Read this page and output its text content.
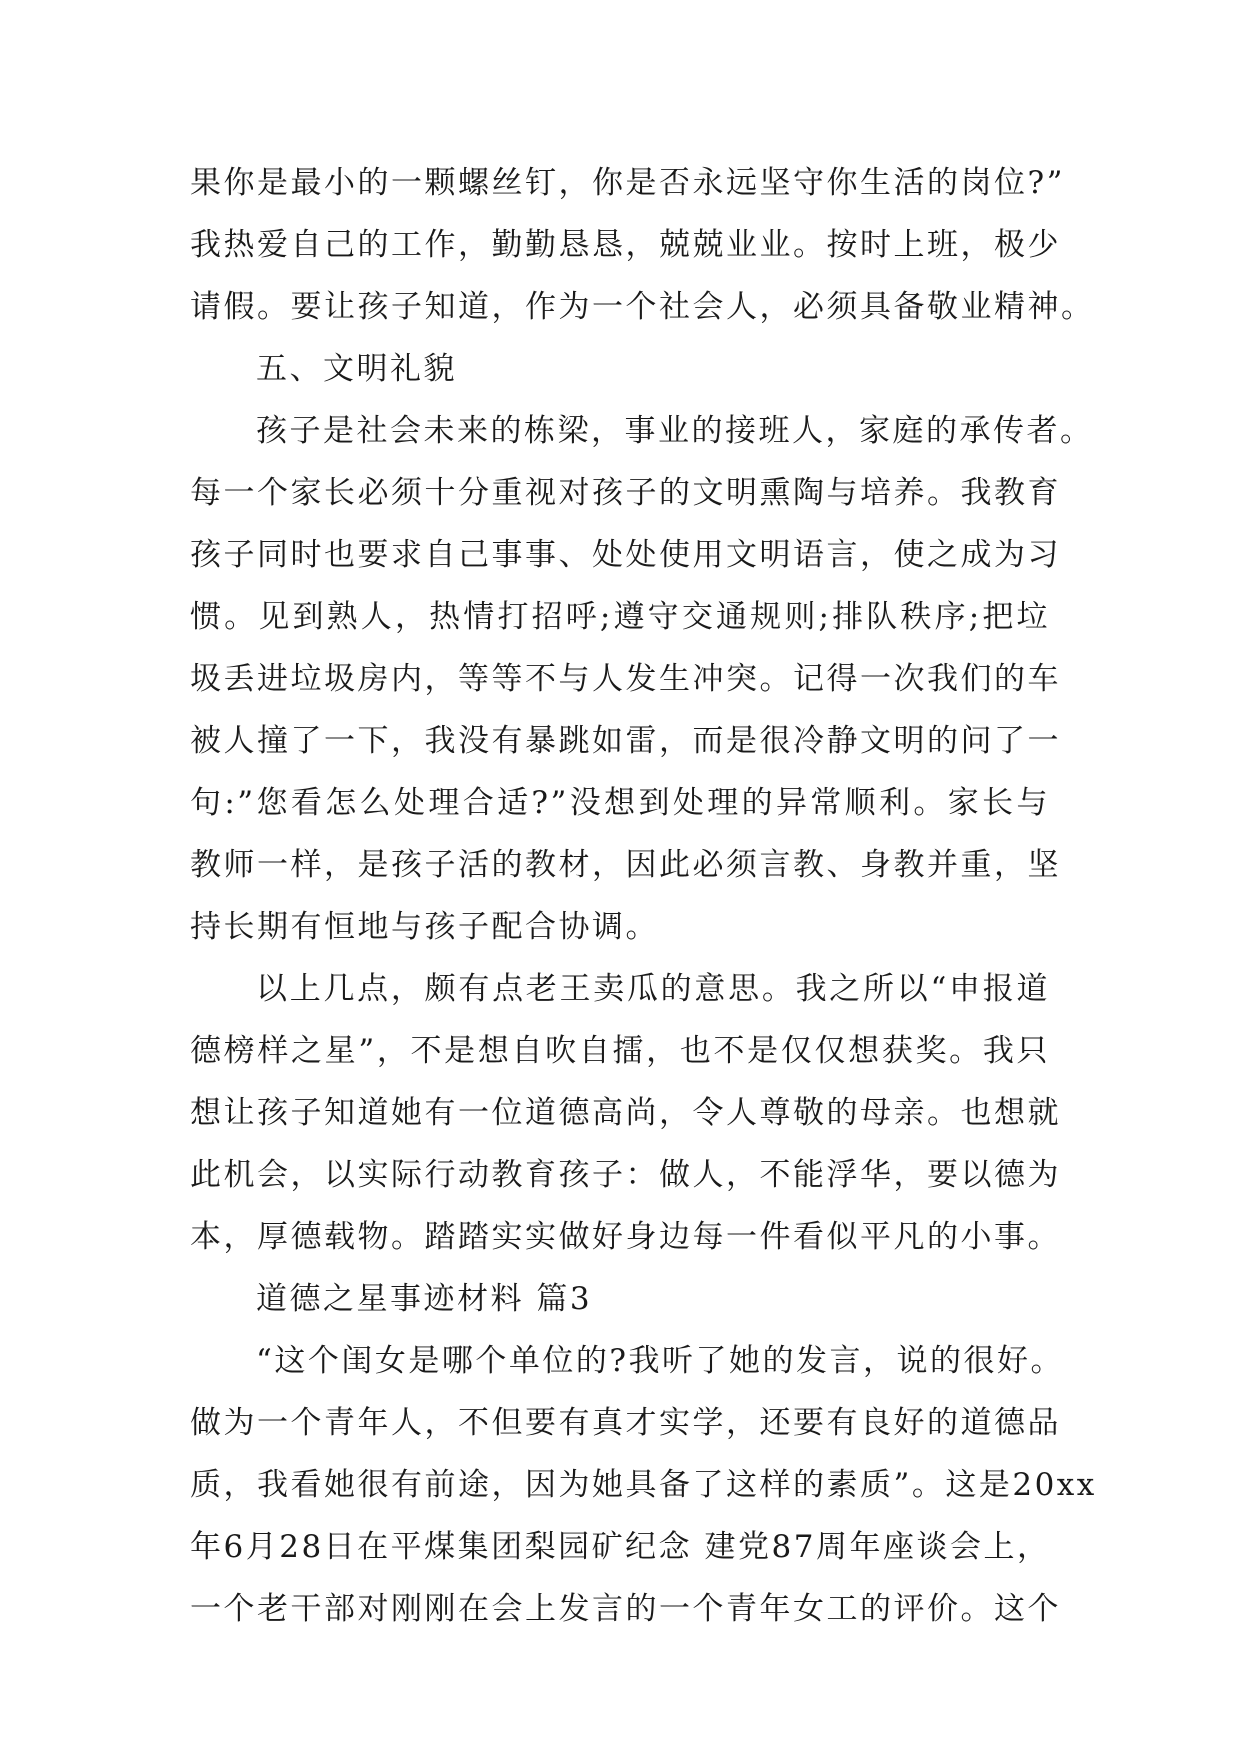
果你是最小的一颗螺丝钉，你是否永远坚守你生活的岗位?”
我热爱自己的工作，勤勤恳恳，兢兢业业。按时上班，极少
请假。要让孩子知道，作为一个社会人，必须具备敬业精神。
五、文明礼貌
孩子是社会未来的栋梁，事业的接班人，家庭的承传者。
每一个家长必须十分重视对孩子的文明熏陶与培养。我教育
孩子同时也要求自己事事、处处使用文明语言，使之成为习
惯。见到熟人，热情打招呼;遵守交通规则;排队秩序;把垃
圾丢进垃圾房内，等等不与人发生冲突。记得一次我们的车
被人撞了一下，我没有暴跳如雷，而是很冷静文明的问了一
句:”您看怎么处理合适?”没想到处理的异常顺利。家长与
教师一样，是孩子活的教材，因此必须言教、身教并重，坚
持长期有恒地与孩子配合协调。
以上几点，颇有点老王卖瓜的意思。我之所以“申报道
德榜样之星”，不是想自吹自擂，也不是仅仅想获奖。我只
想让孩子知道她有一位道德高尚，令人尊敬的母亲。也想就
此机会，以实际行动教育孩子：做人，不能浮华，要以德为
本，厚德载物。踏踏实实做好身边每一件看似平凡的小事。
道德之星事迹材料 篇3
“这个闺女是哪个单位的?我听了她的发言，说的很好。
做为一个青年人，不但要有真才实学，还要有良好的道德品
质，我看她很有前途，因为她具备了这样的素质”。这是20xx
年6月28日在平煤集团梨园矿纪念 建党87周年座谈会上，
一个老干部对刚刚在会上发言的一个青年女工的评价。这个
